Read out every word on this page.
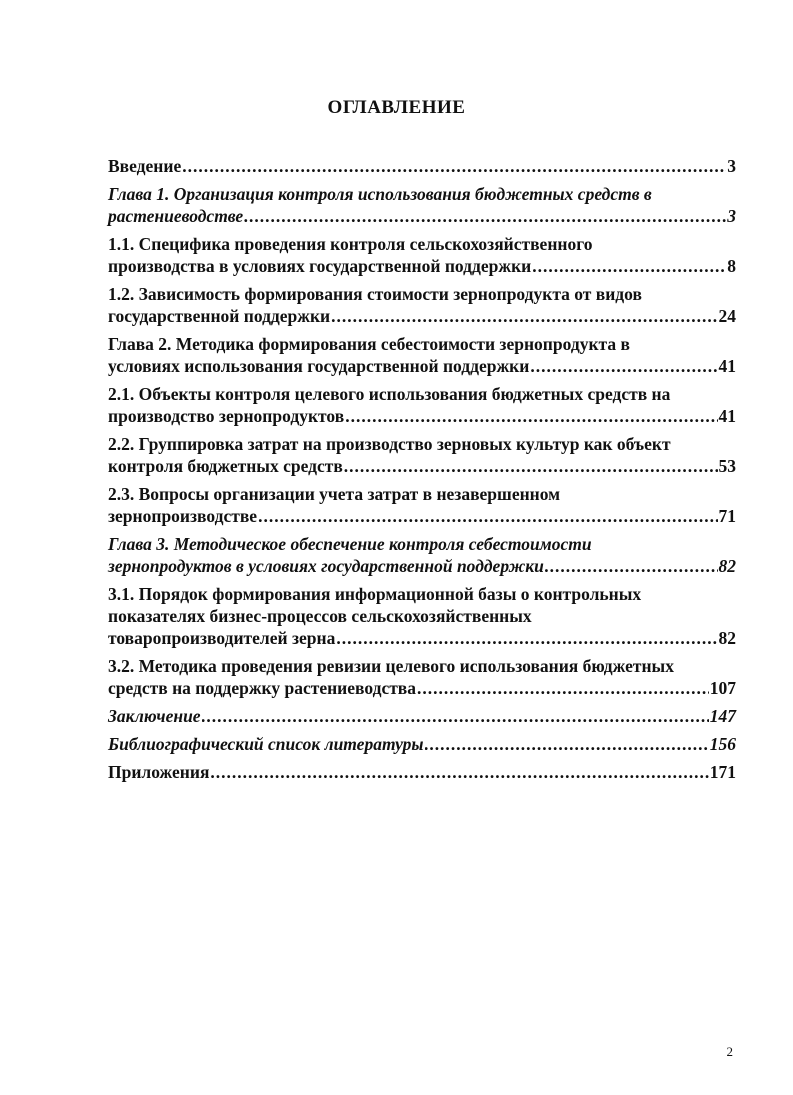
ОГЛАВЛЕНИЕ
Введение .....	3
Глава 1. Организация контроля использования бюджетных средств в
растениеводстве .....	3
1.1. Специфика проведения контроля сельскохозяйственного
производства в условиях государственной поддержки .....	8
1.2. Зависимость формирования стоимости зернопродукта от видов
государственной поддержки .....	24
Глава 2. Методика формирования себестоимости зернопродукта в
условиях использования государственной поддержки .....	41
2.1. Объекты контроля целевого использования бюджетных средств на
производство зернопродуктов .....	41
2.2. Группировка затрат на производство зерновых культур как объект
контроля бюджетных средств .....	53
2.3. Вопросы организации учета затрат в незавершенном
зернопроизводстве .....	71
Глава 3. Методическое обеспечение контроля себестоимости
зернопродуктов в условиях государственной поддержки .....	82
3.1. Порядок формирования информационной базы о контрольных
показателях бизнес-процессов сельскохозяйственных
товаропроизводителей зерна .....	82
3.2. Методика проведения ревизии целевого использования бюджетных
средств на поддержку растениеводства .....	107
Заключение .....	147
Библиографический список литературы .....	156
Приложения .....	171
2
